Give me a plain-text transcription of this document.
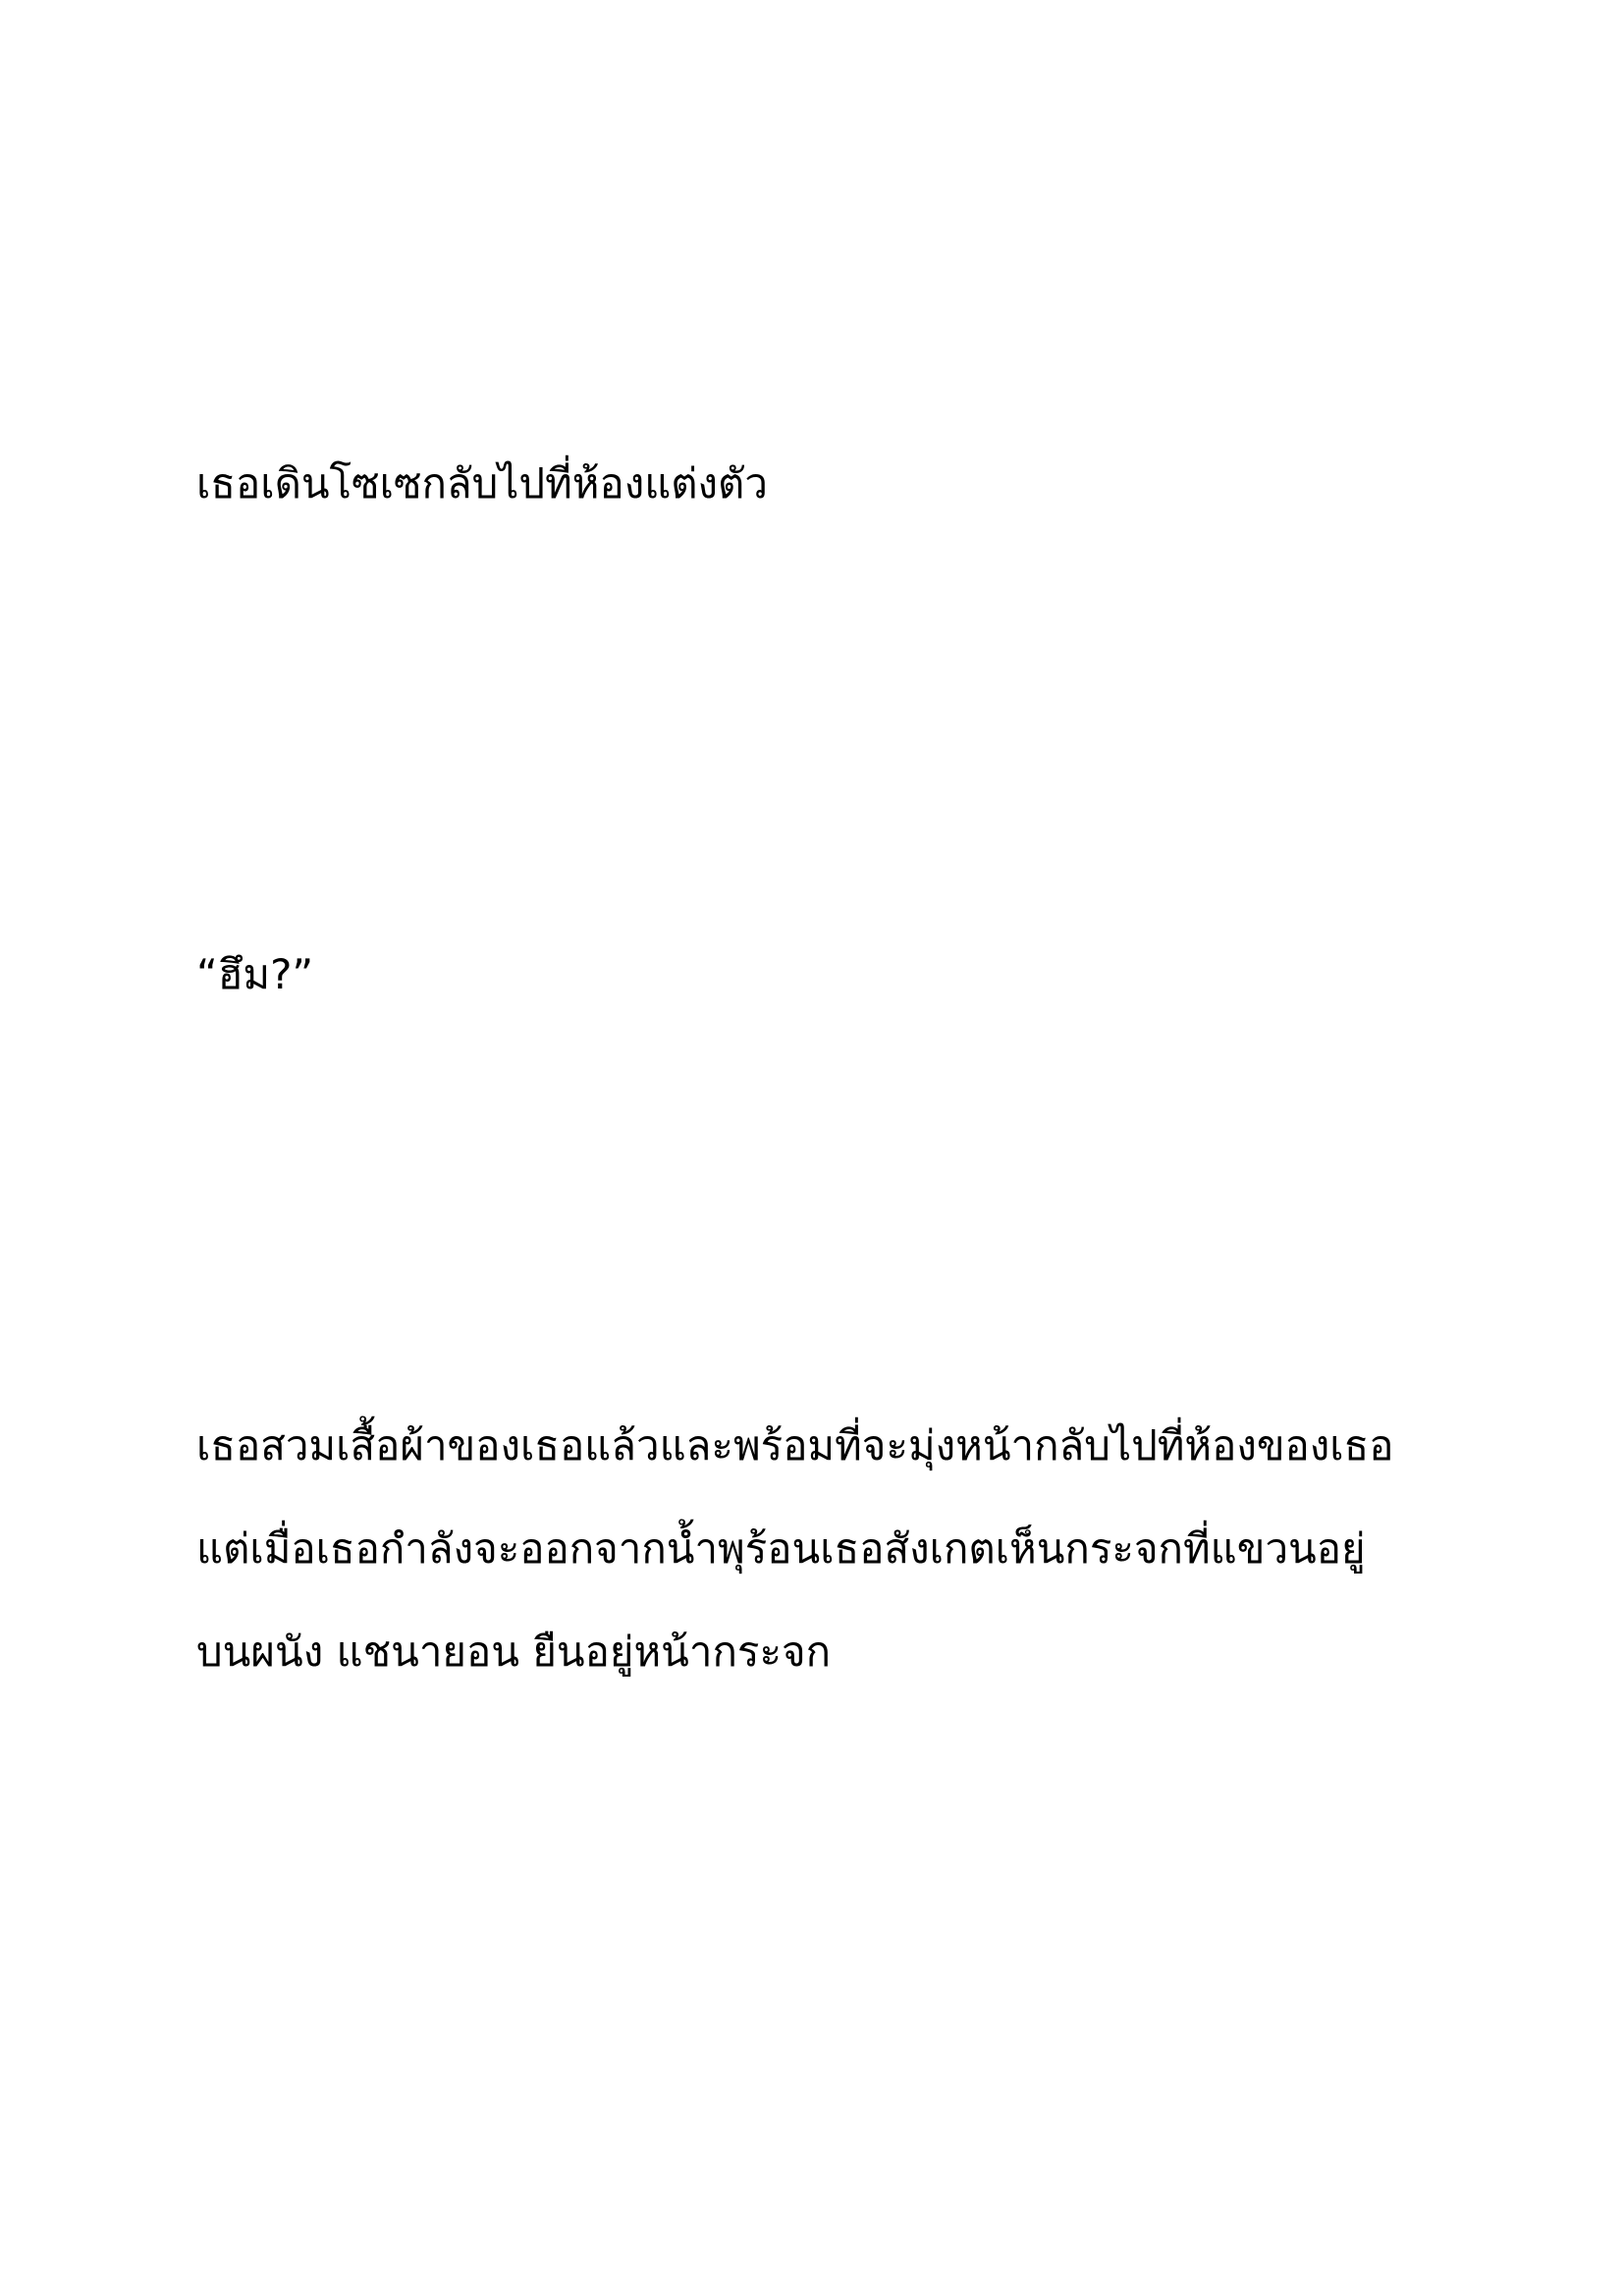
เธอเดินโซเซกลับไปที่ห้องแต่งตัว

“ฮึม?”

เธอสวมเสื้อผ้าของเธอแล้วและพร้อมที่จะมุ่งหน้ากลับไปที่ห้องของเธอ
แต่เมื่อเธอกำลังจะออกจากน้ำพุร้อนเธอสังเกตเห็นกระจกที่แขวนอยู่
บนผนัง แชนายอน ยืนอยู่หน้ากระจก
